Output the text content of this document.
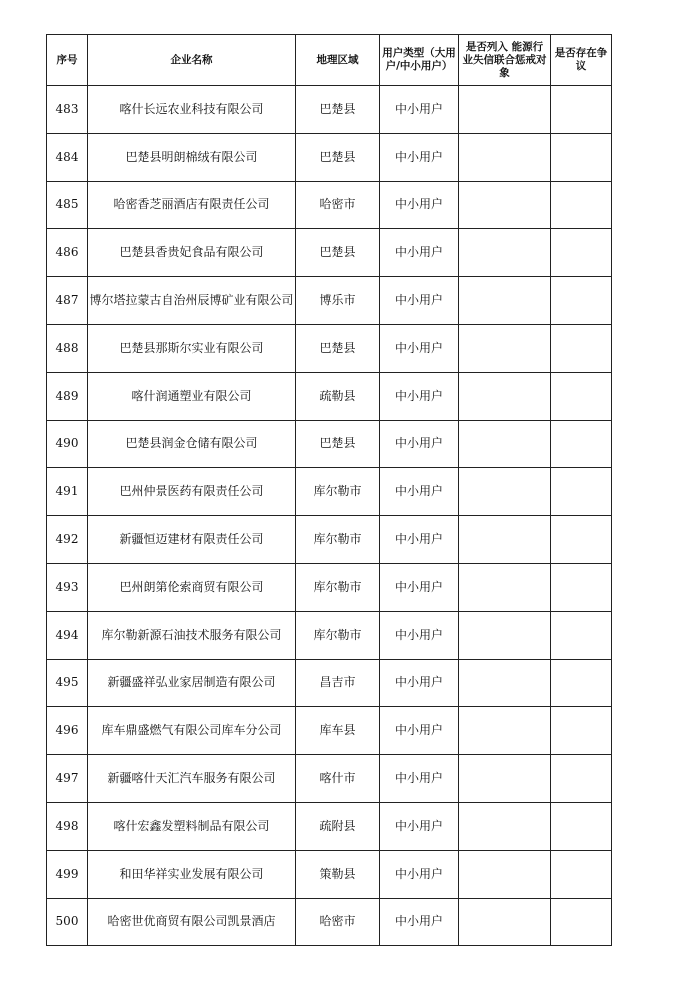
序号	企业名称	地理区域	用户类型（大用户/中小用户）	是否列入 能源行业失信联合惩戒对象	是否存在争议

483	喀什长远农业科技有限公司	巴楚县	中小用户		
484	巴楚县明朗棉绒有限公司	巴楚县	中小用户		
485	哈密香芝丽酒店有限责任公司	哈密市	中小用户		
486	巴楚县香贵妃食品有限公司	巴楚县	中小用户		
487	博尔塔拉蒙古自治州辰博矿业有限公司	博乐市	中小用户		
488	巴楚县那斯尔实业有限公司	巴楚县	中小用户		
489	喀什润通塑业有限公司	疏勒县	中小用户		
490	巴楚县润金仓储有限公司	巴楚县	中小用户		
491	巴州仲景医药有限责任公司	库尔勒市	中小用户		
492	新疆恒迈建材有限责任公司	库尔勒市	中小用户		
493	巴州朗第伦索商贸有限公司	库尔勒市	中小用户		
494	库尔勒新源石油技术服务有限公司	库尔勒市	中小用户		
495	新疆盛祥弘业家居制造有限公司	昌吉市	中小用户		
496	库车鼎盛燃气有限公司库车分公司	库车县	中小用户		
497	新疆喀什天汇汽车服务有限公司	喀什市	中小用户		
498	喀什宏鑫发塑料制品有限公司	疏附县	中小用户		
499	和田华祥实业发展有限公司	策勒县	中小用户		
500	哈密世优商贸有限公司凯景酒店	哈密市	中小用户		
